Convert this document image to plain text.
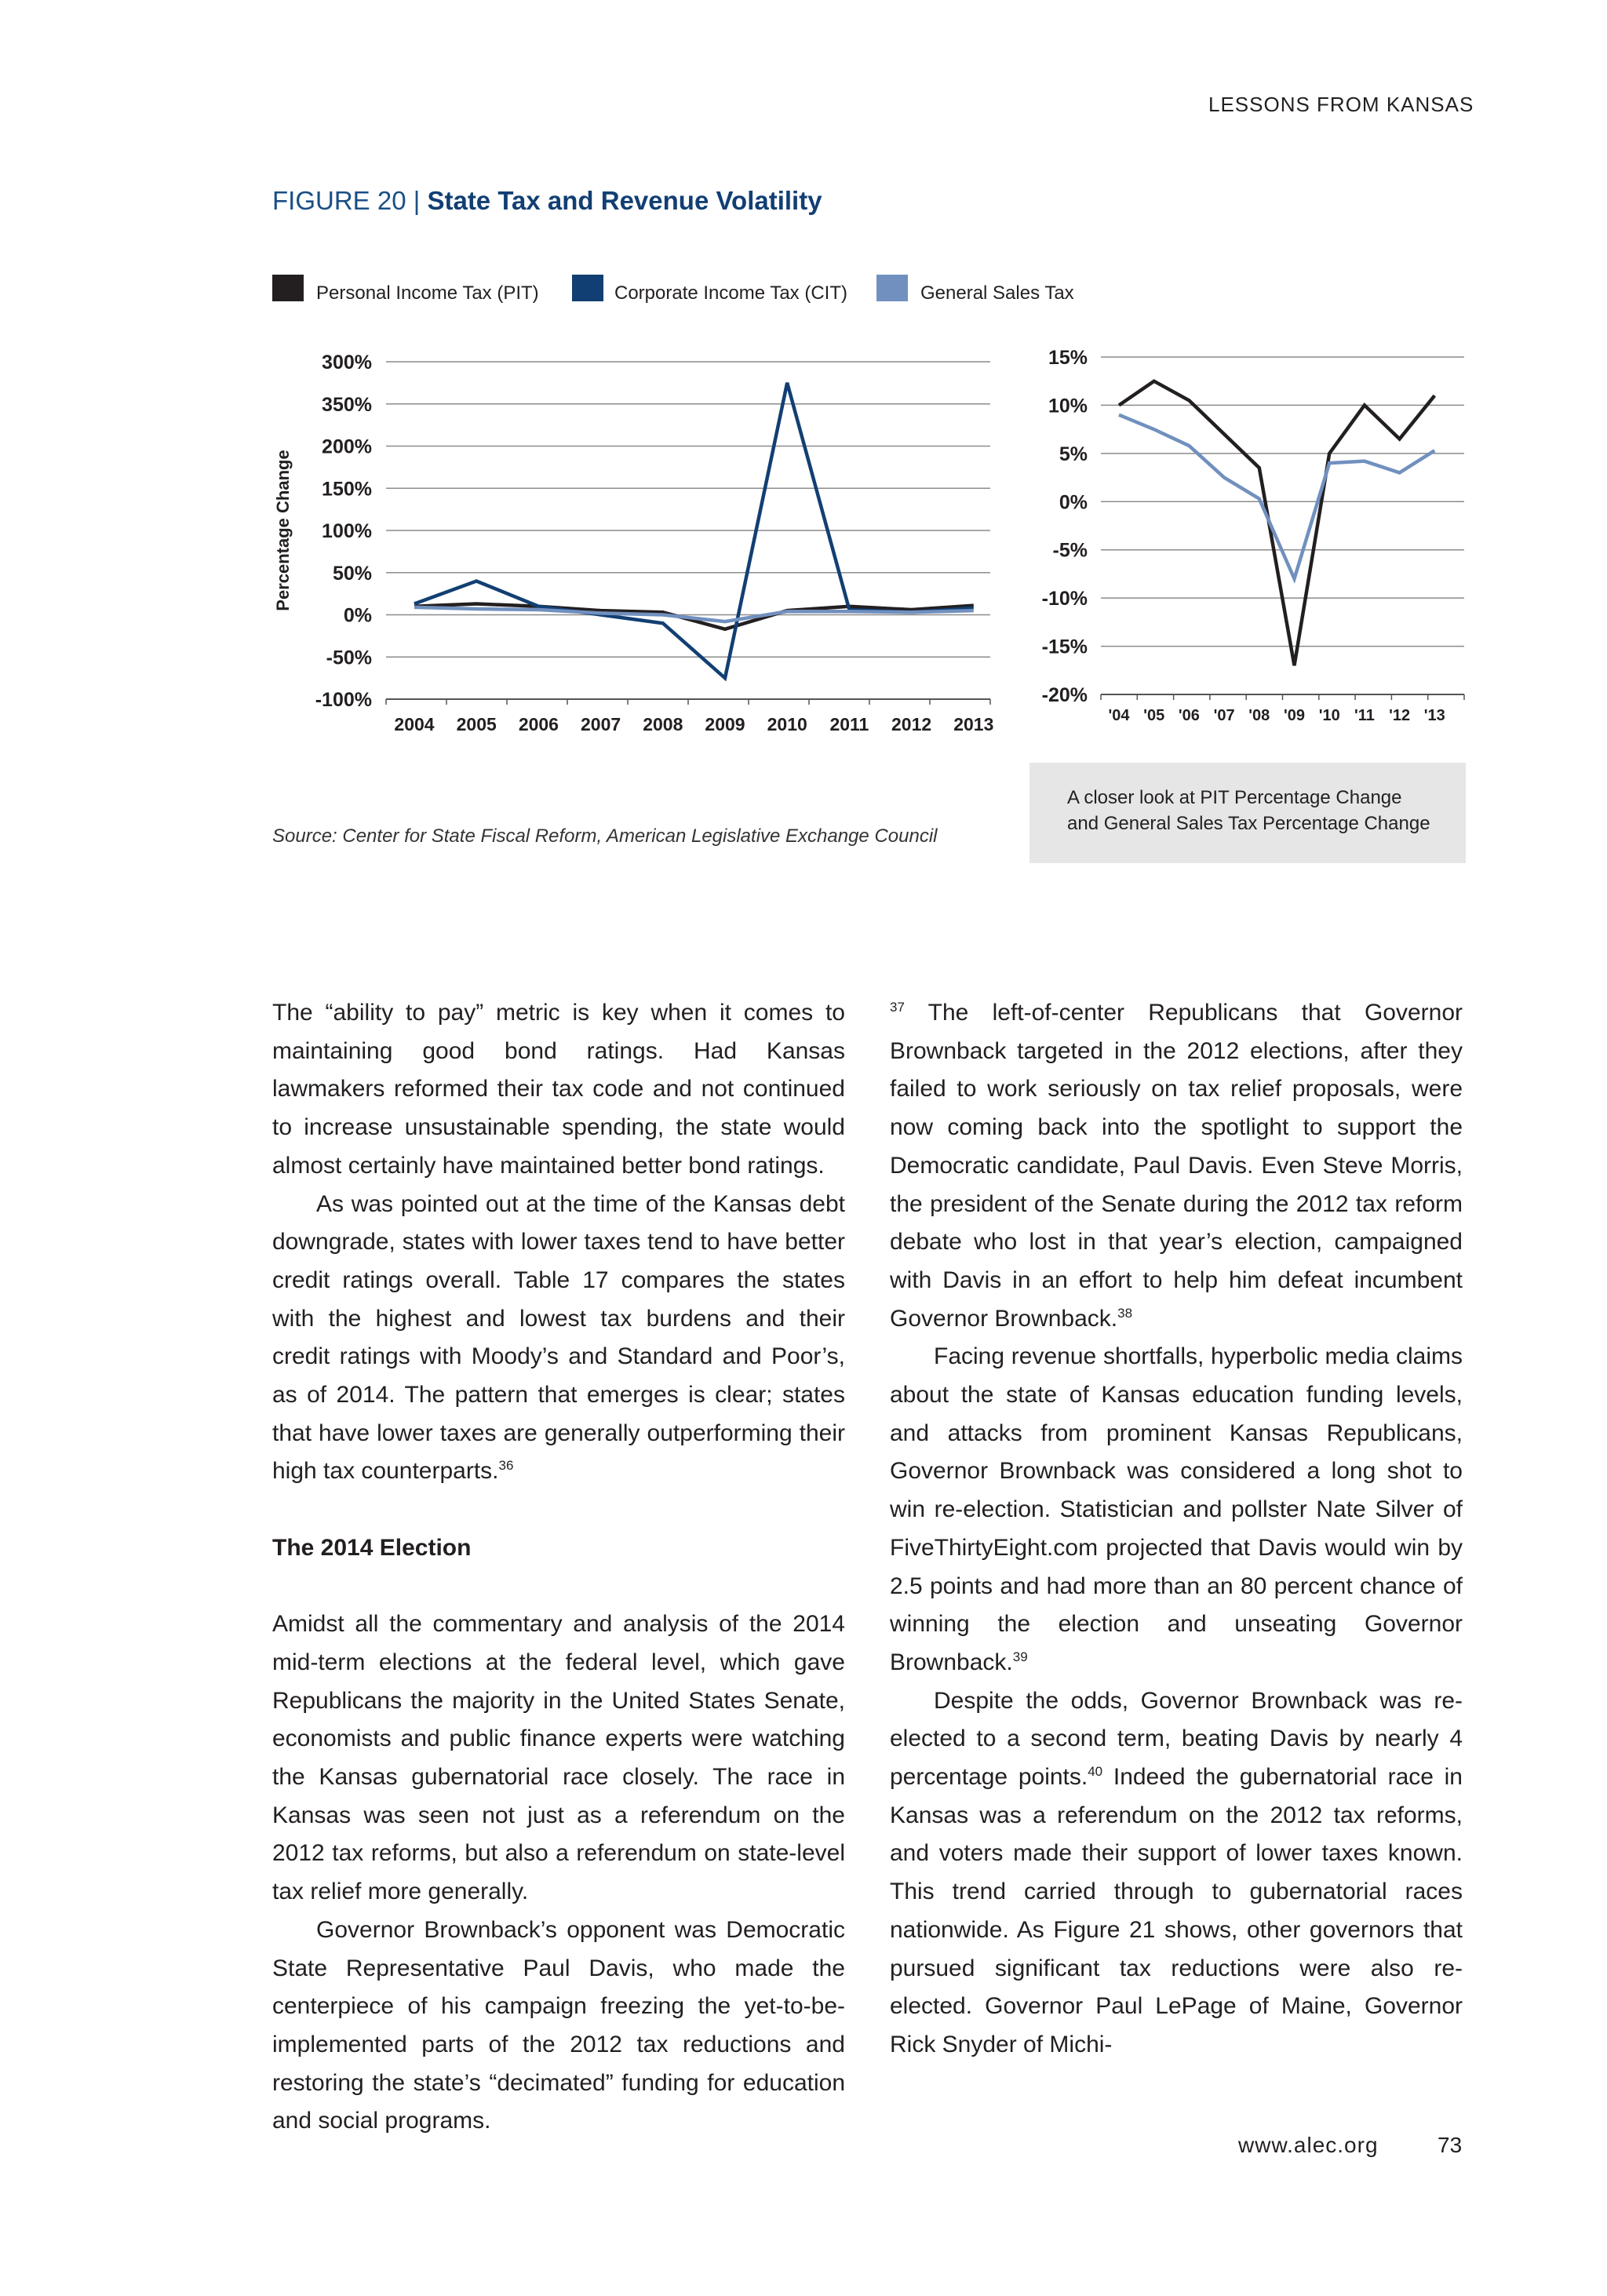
LESSONS FROM KANSAS
FIGURE 20 | State Tax and Revenue Volatility
Personal Income Tax (PIT)	Corporate Income Tax (CIT)	General Sales Tax
300%
350%
200%
150%
100%
50%
0%
-50%
-100%
2004 2005 2006 2007 2008 2009 2010 2011 2012 2013
Percentage Change
15%
10%
5%
0%
-5%
-10%
-15%
-20%
'04 '05 '06 '07 '08 '09 '10 '11 '12 '13
Source: Center for State Fiscal Reform, American Legislative Exchange Council
A closer look at PIT Percentage Change
and General Sales Tax Percentage Change

The “ability to pay” metric is key when it comes to maintaining good bond ratings. Had Kansas lawmakers reformed their tax code and not continued to increase unsustainable spending, the state would almost certainly have maintained better bond ratings.

As was pointed out at the time of the Kansas debt downgrade, states with lower taxes tend to have better credit ratings overall. Table 17 compares the states with the highest and lowest tax burdens and their credit ratings with Moody’s and Standard and Poor’s, as of 2014. The pattern that emerges is clear; states that have lower taxes are generally outperforming their high tax counterparts.$^{36}$

The 2014 Election

Amidst all the commentary and analysis of the 2014 mid-term elections at the federal level, which gave Republicans the majority in the United States Senate, economists and public finance experts were watching the Kansas gubernatorial race closely. The race in Kansas was seen not just as a referendum on the 2012 tax reforms, but also a referendum on state-level tax relief more generally.

Governor Brownback’s opponent was Democratic State Representative Paul Davis, who made the centerpiece of his campaign freezing the yet-to-be-implemented parts of the 2012 tax reductions and restoring the state’s “decimated” funding for education and social programs.

$^{37}$ The left-of-center Republicans that Governor Brownback targeted in the 2012 elections, after they failed to work seriously on tax relief proposals, were now coming back into the spotlight to support the Democratic candidate, Paul Davis. Even Steve Morris, the president of the Senate during the 2012 tax reform debate who lost in that year’s election, campaigned with Davis in an effort to help him defeat incumbent Governor Brownback.$^{38}$

Facing revenue shortfalls, hyperbolic media claims about the state of Kansas education funding levels, and attacks from prominent Kansas Republicans, Governor Brownback was considered a long shot to win re-election. Statistician and pollster Nate Silver of FiveThirtyEight.com projected that Davis would win by 2.5 points and had more than an 80 percent chance of winning the election and unseating Governor Brownback.$^{39}$

Despite the odds, Governor Brownback was re-elected to a second term, beating Davis by nearly 4 percentage points.$^{40}$ Indeed the gubernatorial race in Kansas was a referendum on the 2012 tax reforms, and voters made their support of lower taxes known. This trend carried through to gubernatorial races nationwide. As Figure 21 shows, other governors that pursued significant tax reductions were also re-elected. Governor Paul LePage of Maine, Governor Rick Snyder of Michi-

www.alec.org	73
